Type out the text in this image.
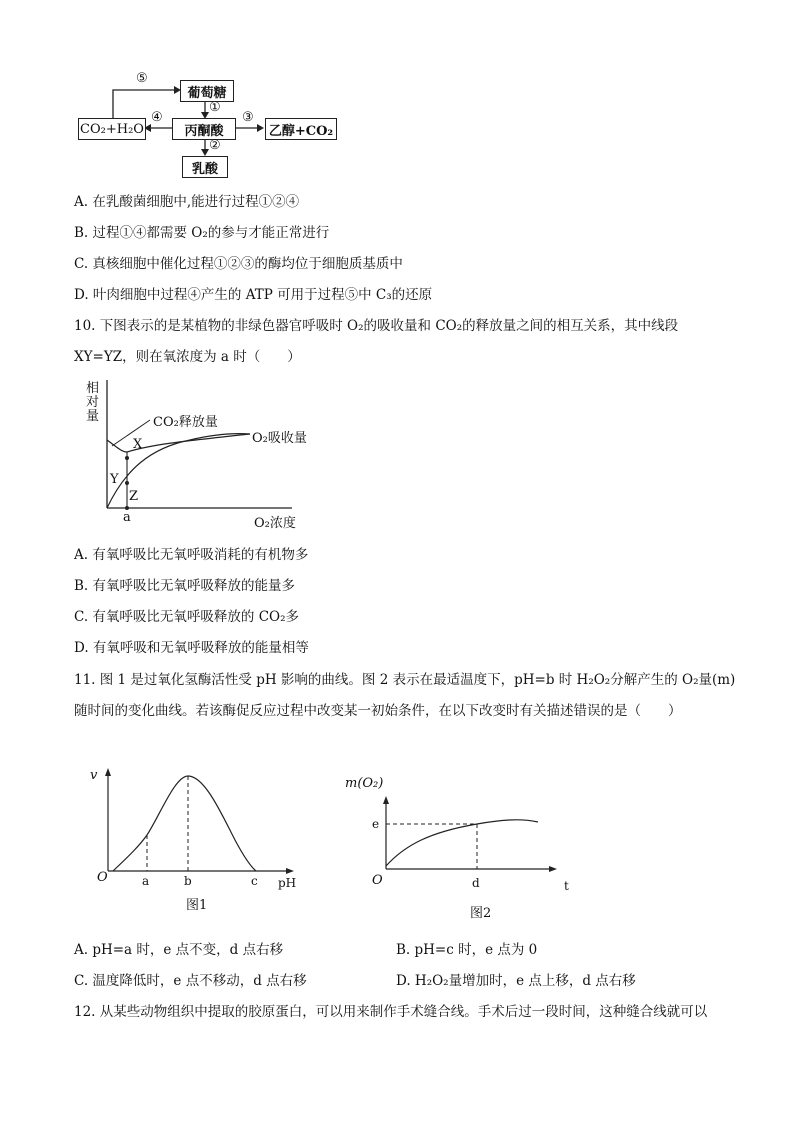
葡萄糖
丙酮酸
CO₂+H₂O	乙醇+CO₂
乳酸
⑤
①
②
④	③
A. 在乳酸菌细胞中,能进行过程①②④
B. 过程①④都需要 O₂的参与才能正常进行
C. 真核细胞中催化过程①②③的酶均位于细胞质基质中
D. 叶肉细胞中过程④产生的 ATP 可用于过程⑤中 C₃的还原
10. 下图表示的是某植物的非绿色器官呼吸时 O₂的吸收量和 CO₂的释放量之间的相互关系，其中线段
XY=YZ，则在氧浓度为 a 时（　　）
相对量	CO₂释放量
O₂吸收量
X
Y
Z
a	O₂浓度
A. 有氧呼吸比无氧呼吸消耗的有机物多
B. 有氧呼吸比无氧呼吸释放的能量多
C. 有氧呼吸比无氧呼吸释放的 CO₂多
D. 有氧呼吸和无氧呼吸释放的能量相等
11. 图 1 是过氧化氢酶活性受 pH 影响的曲线。图 2 表示在最适温度下，pH=b 时 H₂O₂分解产生的 O₂量(m)
随时间的变化曲线。若该酶促反应过程中改变某一初始条件，在以下改变时有关描述错误的是（　　）
v
O	a	b	c pH
图1
m(O₂)
e
O	d	t
图2
A. pH=a 时，e 点不变，d 点右移	B. pH=c 时，e 点为 0
C. 温度降低时，e 点不移动，d 点右移	D. H₂O₂量增加时，e 点上移，d 点右移
12. 从某些动物组织中提取的胶原蛋白，可以用来制作手术缝合线。手术后过一段时间，这种缝合线就可以
